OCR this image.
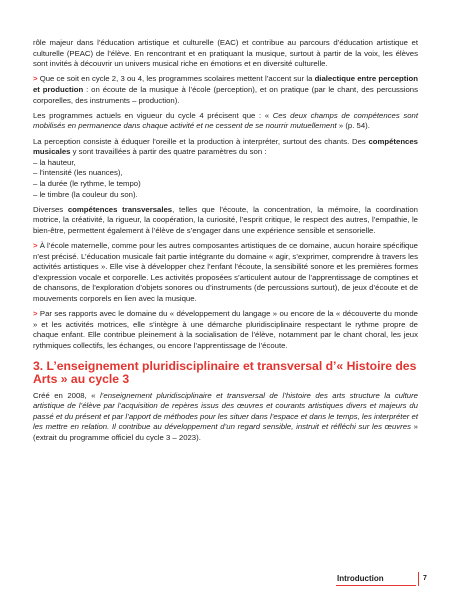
rôle majeur dans l’éducation artistique et culturelle (EAC) et contribue au parcours d’éducation artistique et culturelle (PEAC) de l’élève. En rencontrant et en pratiquant la musique, surtout à partir de la voix, les élèves sont invités à découvrir un univers musical riche en émotions et en diversité culturelle.

> Que ce soit en cycle 2, 3 ou 4, les programmes scolaires mettent l’accent sur la dialectique entre perception et production : on écoute de la musique à l’école (perception), et on pratique (par le chant, des percussions corporelles, des instruments – production).

Les programmes actuels en vigueur du cycle 4 précisent que : « Ces deux champs de compétences sont mobilisés en permanence dans chaque activité et ne cessent de se nourrir mutuellement » (p. 54).

La perception consiste à éduquer l’oreille et la production à interpréter, surtout des chants. Des compétences musicales y sont travaillées à partir des quatre paramètres du son :

– la hauteur,
– l’intensité (les nuances),
– la durée (le rythme, le tempo)
– le timbre (la couleur du son).

Diverses compétences transversales, telles que l’écoute, la concentration, la mémoire, la coordination motrice, la créativité, la rigueur, la coopération, la curiosité, l’esprit critique, le respect des autres, l’empathie, le bien-être, permettent également à l’élève de s’engager dans une expérience sensible et sensorielle.

> À l’école maternelle, comme pour les autres composantes artistiques de ce domaine, aucun horaire spécifique n’est précisé. L’éducation musicale fait partie intégrante du domaine « agir, s’exprimer, comprendre à travers les activités artistiques ». Elle vise à développer chez l’enfant l’écoute, la sensibilité sonore et les premières formes d’expression vocale et corporelle. Les activités proposées s’articulent autour de l’apprentissage de comptines et de chansons, de l’exploration d’objets sonores ou d’instruments (de percussions surtout), de jeux d’écoute et de mouvements corporels en lien avec la musique.

> Par ses rapports avec le domaine du « développement du langage » ou encore de la « découverte du monde » et les activités motrices, elle s’intègre à une démarche pluridisciplinaire respectant le rythme propre de chaque enfant. Elle contribue pleinement à la socialisation de l’élève, notamment par le chant choral, les jeux rythmiques collectifs, les échanges, ou encore l’apprentissage de l’écoute.

3. L’enseignement pluridisciplinaire et transversal d’« Histoire des Arts » au cycle 3

Créé en 2008, « l’enseignement pluridisciplinaire et transversal de l’histoire des arts structure la culture artistique de l’élève par l’acquisition de repères issus des œuvres et courants artistiques divers et majeurs du passé et du présent et par l’apport de méthodes pour les situer dans l’espace et dans le temps, les interpréter et les mettre en relation. Il contribue au développement d’un regard sensible, instruit et réfléchi sur les œuvres » (extrait du programme officiel du cycle 3 – 2023).

Introduction	7
